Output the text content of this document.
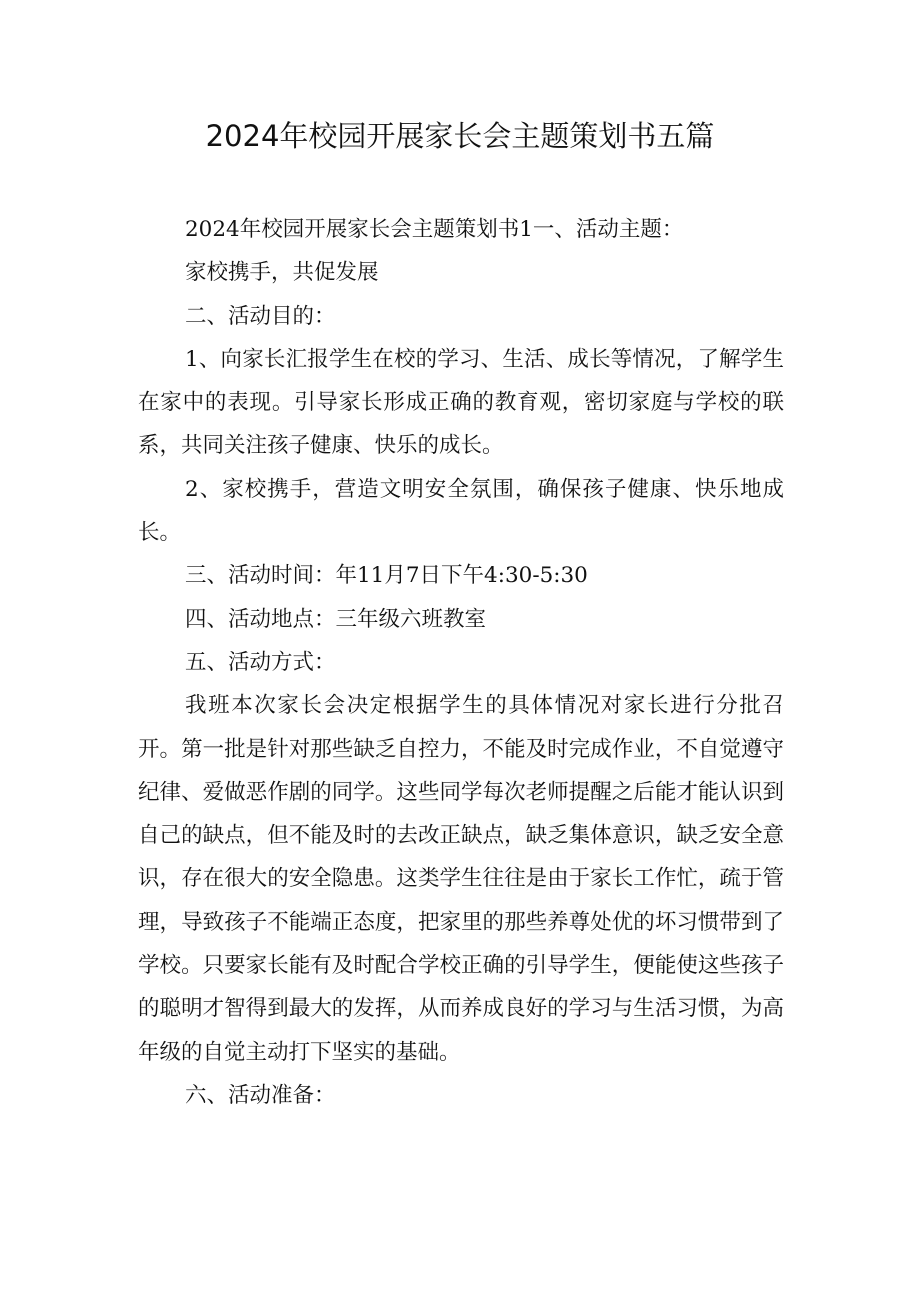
2024年校园开展家长会主题策划书五篇

2024年校园开展家长会主题策划书1一、活动主题：

家校携手，共促发展

二、活动目的：

1、向家长汇报学生在校的学习、生活、成长等情况，了解学生在家中的表现。引导家长形成正确的教育观，密切家庭与学校的联系，共同关注孩子健康、快乐的成长。

2、家校携手，营造文明安全氛围，确保孩子健康、快乐地成长。

三、活动时间：年11月7日下午4:30-5:30

四、活动地点：三年级六班教室

五、活动方式：

我班本次家长会决定根据学生的具体情况对家长进行分批召开。第一批是针对那些缺乏自控力，不能及时完成作业，不自觉遵守纪律、爱做恶作剧的同学。这些同学每次老师提醒之后能才能认识到自己的缺点，但不能及时的去改正缺点，缺乏集体意识，缺乏安全意识，存在很大的安全隐患。这类学生往往是由于家长工作忙，疏于管理，导致孩子不能端正态度，把家里的那些养尊处优的坏习惯带到了学校。只要家长能有及时配合学校正确的引导学生，便能使这些孩子的聪明才智得到最大的发挥，从而养成良好的学习与生活习惯，为高年级的自觉主动打下坚实的基础。

六、活动准备：
